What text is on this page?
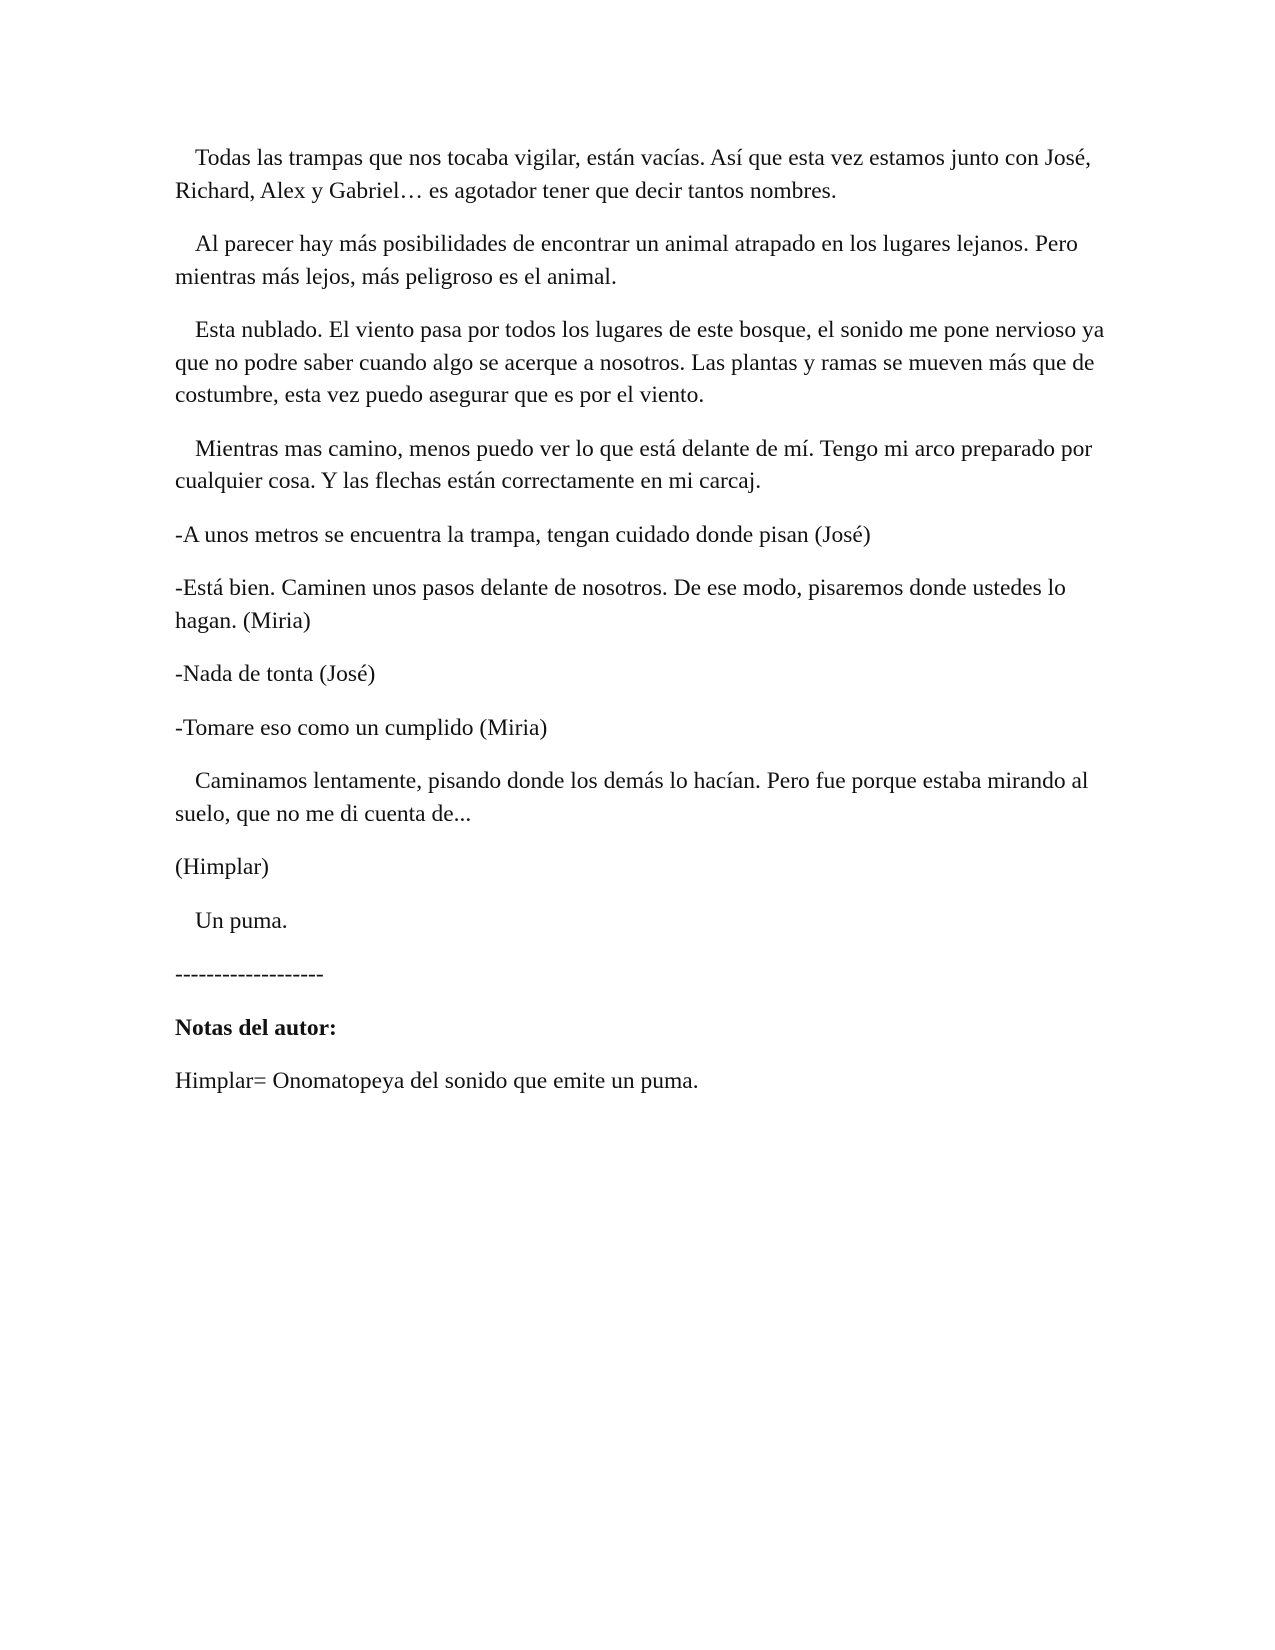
Todas las trampas que nos tocaba vigilar, están vacías. Así que esta vez estamos junto con José, Richard, Alex y Gabriel… es agotador tener que decir tantos nombres.

Al parecer hay más posibilidades de encontrar un animal atrapado en los lugares lejanos. Pero mientras más lejos, más peligroso es el animal.

Esta nublado. El viento pasa por todos los lugares de este bosque, el sonido me pone nervioso ya que no podre saber cuando algo se acerque a nosotros. Las plantas y ramas se mueven más que de costumbre, esta vez puedo asegurar que es por el viento.

Mientras mas camino, menos puedo ver lo que está delante de mí. Tengo mi arco preparado por cualquier cosa. Y las flechas están correctamente en mi carcaj.

-A unos metros se encuentra la trampa, tengan cuidado donde pisan (José)

-Está bien. Caminen unos pasos delante de nosotros. De ese modo, pisaremos donde ustedes lo hagan. (Miria)

-Nada de tonta (José)

-Tomare eso como un cumplido (Miria)

Caminamos lentamente, pisando donde los demás lo hacían. Pero fue porque estaba mirando al suelo, que no me di cuenta de...

(Himplar)

Un puma.

-------------------

Notas del autor:

Himplar= Onomatopeya del sonido que emite un puma.
